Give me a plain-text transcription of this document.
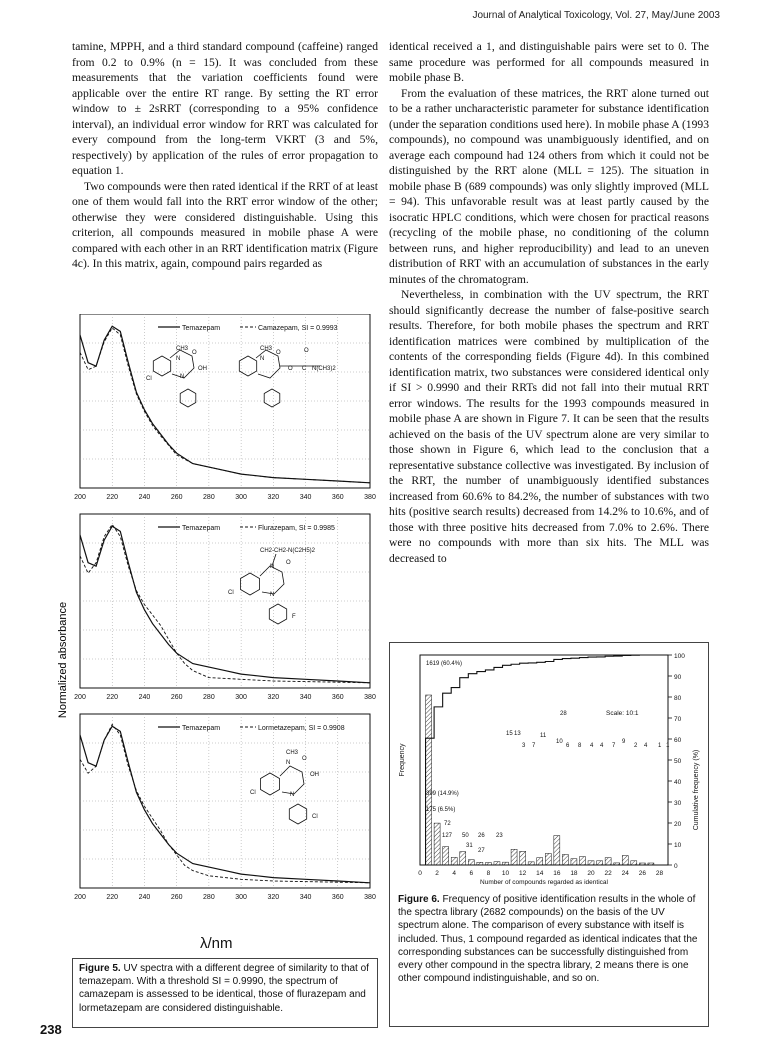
Journal of Analytical Toxicology, Vol. 27, May/June 2003

tamine, MPPH, and a third standard compound (caffeine) ranged from 0.2 to 0.9% (n = 15). It was concluded from these measurements that the variation coefficients found were applicable over the entire RT range. By setting the RT error window to ± 2sRRT (corresponding to a 95% confidence interval), an individual error window for RRT was calculated for every compound from the long-term VKRT (3 and 5%, respectively) by application of the rules of error propagation to equation 1.

Two compounds were then rated identical if the RRT of at least one of them would fall into the RRT error window of the other; otherwise they were considered distinguishable. Using this criterion, all compounds measured in mobile phase A were compared with each other in an RRT identification matrix (Figure 4c). In this matrix, again, compound pairs regarded as

identical received a 1, and distinguishable pairs were set to 0. The same procedure was performed for all compounds measured in mobile phase B.

From the evaluation of these matrices, the RRT alone turned out to be a rather uncharacteristic parameter for substance identification (under the separation conditions used here). In mobile phase A (1993 compounds), no compound was unambiguously identified, and on average each compound had 124 others from which it could not be distinguished by the RRT alone (MLL = 125). The situation in mobile phase B (689 compounds) was only slightly improved (MLL = 94). This unfavorable result was at least partly caused by the isocratic HPLC conditions, which were chosen for practical reasons (recycling of the mobile phase, no conditioning of the column between runs, and higher reproducibility) and lead to an uneven distribution of RRT with an accumulation of substances in the early minutes of the chromatogram.

Nevertheless, in combination with the UV spectrum, the RRT should significantly decrease the number of false-positive search results. Therefore, for both mobile phases the spectrum and RRT identification matrices were combined by multiplication of the contents of the corresponding fields (Figure 4d). In this combined identification matrix, two substances were considered identical only if SI > 0.9990 and their RRTs did not fall into their mutual RRT error windows. The results for the 1993 compounds measured in mobile phase A are shown in Figure 7. It can be seen that the results achieved on the basis of the UV spectrum alone are very similar to those shown in Figure 6, which lead to the conclusion that a representative substance collective was investigated. By inclusion of the RRT, the number of unambiguously identified substances increased from 60.6% to 84.2%, the number of substances with two hits (positive search results) decreased from 14.2% to 10.6%, and of those with three positive hits decreased from 7.0% to 2.6%. There were no compounds with more than six hits. The MLL was decreased to

Normalized absorbance
200	220	240	260	280	300	320	340	360	380
Temazepam	Camazepam, SI = 0.9993
CH3
N
O
OH
Cl	N
CH3
N
O
O
O
C N(CH3)2
200	220	240	260	280	300	320	340	360	380
Temazepam	Flurazepam, SI = 0.9985
CH2-CH2-N(C2H5)2
N
O
Cl	N
F
200	220	240	260	280	300	320	340	360	380
Temazepam	Lormetazepam, SI = 0.9908
CH3
N
O
OH
Cl	N
Cl
λ/nm
Figure 5. UV spectra with a different degree of similarity to that of temazepam. With a threshold SI = 0.9990, the spectrum of camazepam is assessed to be identical, those of flurazepam and lormetazepam are considered distinguishable.
0 2 4 6 8 10 12 14 16 18 20 22 24 26 28
Number of compounds regarded as identical
100
90
80
70
60
50
40
30
20
10
0
Frequency	Cumulative frequency (%)
Scale: 10:1
1619 (60.4%)
399 (14.9%)
175 (6.5%)
72
127 50 26 23
31
27
28
15 13	11
10
3 7	6 8 4 4 7
9
2 4 1 1
Figure 6. Frequency of positive identification results in the whole of the spectra library (2682 compounds) on the basis of the UV spectrum alone. The comparison of every substance with itself is included. Thus, 1 compound regarded as identical indicates that the corresponding substances can be successfully distinguished from every other compound in the spectra library, 2 means there is one other compound indistinguishable, and so on.
238
